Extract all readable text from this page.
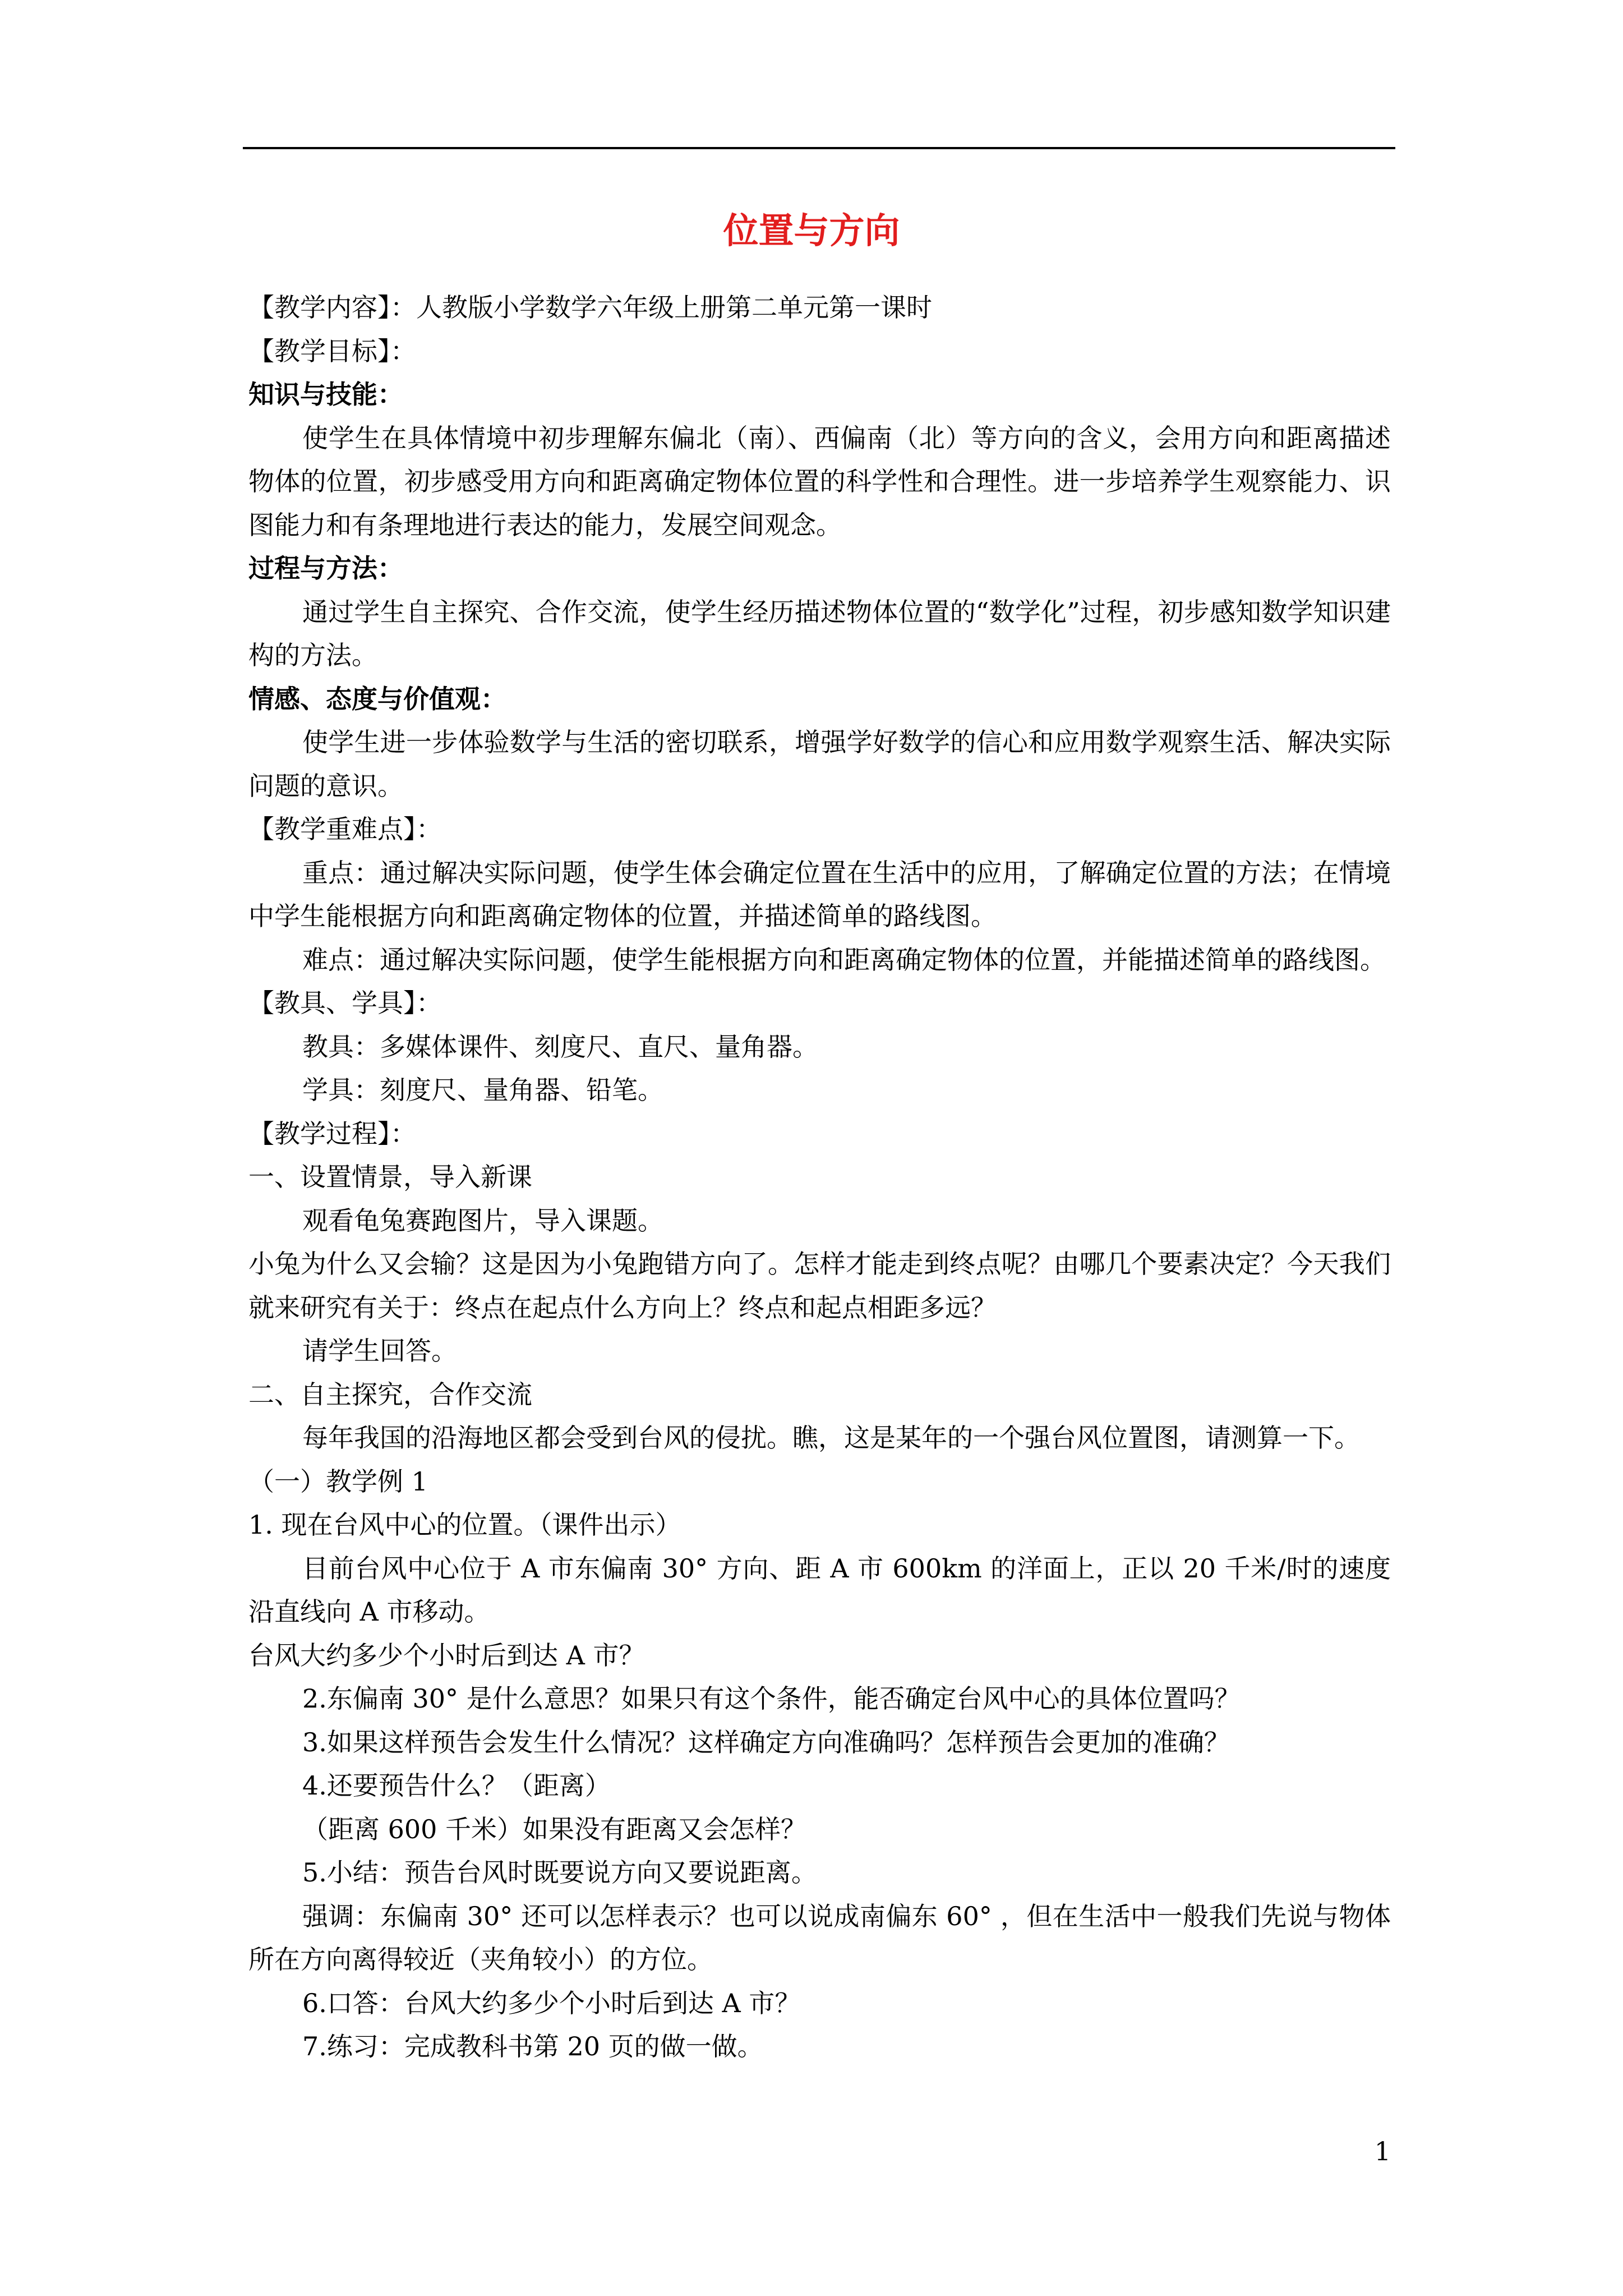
位置与方向

【教学内容】：人教版小学数学六年级上册第二单元第一课时

【教学目标】：

知识与技能：

使学生在具体情境中初步理解东偏北（南）、西偏南（北）等方向的含义，会用方向和距离描述物体的位置，初步感受用方向和距离确定物体位置的科学性和合理性。进一步培养学生观察能力、识图能力和有条理地进行表达的能力，发展空间观念。

过程与方法：

通过学生自主探究、合作交流，使学生经历描述物体位置的“数学化”过程，初步感知数学知识建构的方法。

情感、态度与价值观：

使学生进一步体验数学与生活的密切联系，增强学好数学的信心和应用数学观察生活、解决实际问题的意识。

【教学重难点】：

重点：通过解决实际问题，使学生体会确定位置在生活中的应用，了解确定位置的方法；在情境中学生能根据方向和距离确定物体的位置，并描述简单的路线图。

难点：通过解决实际问题，使学生能根据方向和距离确定物体的位置，并能描述简单的路线图。

【教具、学具】：

教具：多媒体课件、刻度尺、直尺、量角器。

学具：刻度尺、量角器、铅笔。

【教学过程】：

一、设置情景，导入新课

观看龟兔赛跑图片，导入课题。

小兔为什么又会输？这是因为小兔跑错方向了。怎样才能走到终点呢？由哪几个要素决定？今天我们就来研究有关于：终点在起点什么方向上？终点和起点相距多远？

请学生回答。

二、自主探究，合作交流

每年我国的沿海地区都会受到台风的侵扰。瞧，这是某年的一个强台风位置图，请测算一下。

（一）教学例 1

1. 现在台风中心的位置。（课件出示）

目前台风中心位于 A 市东偏南 30° 方向、距 A 市 600km 的洋面上，正以 20 千米/时的速度沿直线向 A 市移动。

台风大约多少个小时后到达 A 市？

2.东偏南 30° 是什么意思？如果只有这个条件，能否确定台风中心的具体位置吗？

3.如果这样预告会发生什么情况？这样确定方向准确吗？怎样预告会更加的准确？

4.还要预告什么？（距离）

（距离 600 千米）如果没有距离又会怎样？

5.小结：预告台风时既要说方向又要说距离。

强调：东偏南 30° 还可以怎样表示？也可以说成南偏东 60° ，但在生活中一般我们先说与物体所在方向离得较近（夹角较小）的方位。

6.口答：台风大约多少个小时后到达 A 市？

7.练习：完成教科书第 20 页的做一做。

1
